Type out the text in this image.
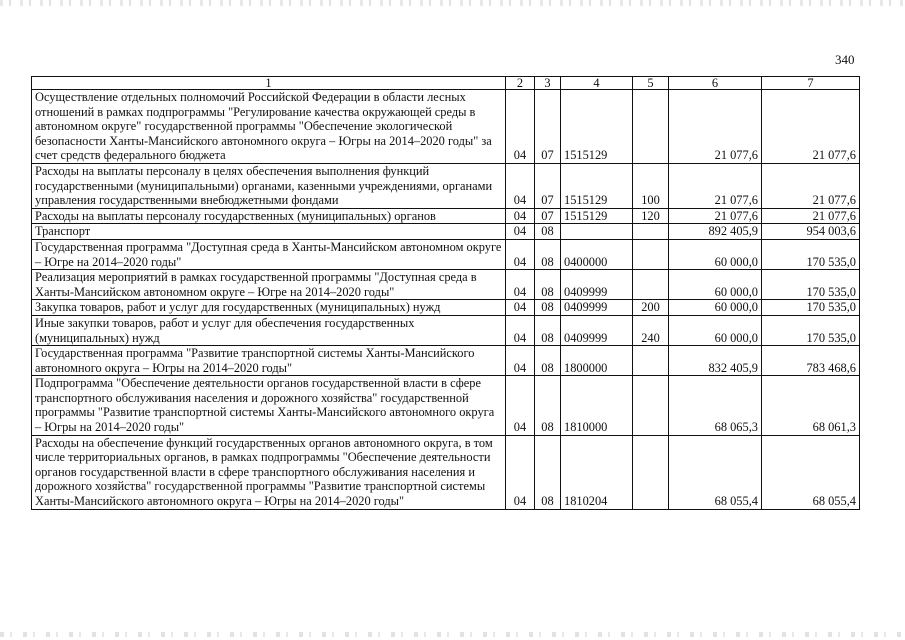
340
1	2	3	4	5	6	7
Осуществление отдельных полномочий Российской Федерации в области лесных отношений в рамках подпрограммы "Регулирование качества окружающей среды в автономном округе" государственной программы "Обеспечение экологической безопасности Ханты-Мансийского автономного округа – Югры на 2014–2020 годы" за счет средств федерального бюджета	04	07	1515129		21 077,6	21 077,6
Расходы на выплаты персоналу в целях обеспечения выполнения функций государственными (муниципальными) органами, казенными учреждениями, органами управления государственными внебюджетными фондами	04	07	1515129	100	21 077,6	21 077,6
Расходы на выплаты персоналу государственных (муниципальных) органов	04	07	1515129	120	21 077,6	21 077,6
Транспорт	04	08			892 405,9	954 003,6
Государственная программа "Доступная среда в Ханты-Мансийском автономном округе – Югре на 2014–2020 годы"	04	08	0400000		60 000,0	170 535,0
Реализация мероприятий в рамках государственной программы "Доступная среда в Ханты-Мансийском автономном округе – Югре на 2014–2020 годы"	04	08	0409999		60 000,0	170 535,0
Закупка товаров, работ и услуг для государственных (муниципальных) нужд	04	08	0409999	200	60 000,0	170 535,0
Иные закупки товаров, работ и услуг для обеспечения государственных (муниципальных) нужд	04	08	0409999	240	60 000,0	170 535,0
Государственная программа "Развитие транспортной системы Ханты-Мансийского автономного округа – Югры на 2014–2020 годы"	04	08	1800000		832 405,9	783 468,6
Подпрограмма "Обеспечение деятельности органов государственной власти в сфере транспортного обслуживания населения и дорожного хозяйства" государственной программы "Развитие транспортной системы Ханты-Мансийского автономного округа – Югры на 2014–2020 годы"	04	08	1810000		68 065,3	68 061,3
Расходы на обеспечение функций государственных органов автономного округа, в том числе территориальных органов, в рамках подпрограммы "Обеспечение деятельности органов государственной власти в сфере транспортного обслуживания населения и дорожного хозяйства" государственной программы "Развитие транспортной системы Ханты-Мансийского автономного округа – Югры на 2014–2020 годы"	04	08	1810204		68 055,4	68 055,4
